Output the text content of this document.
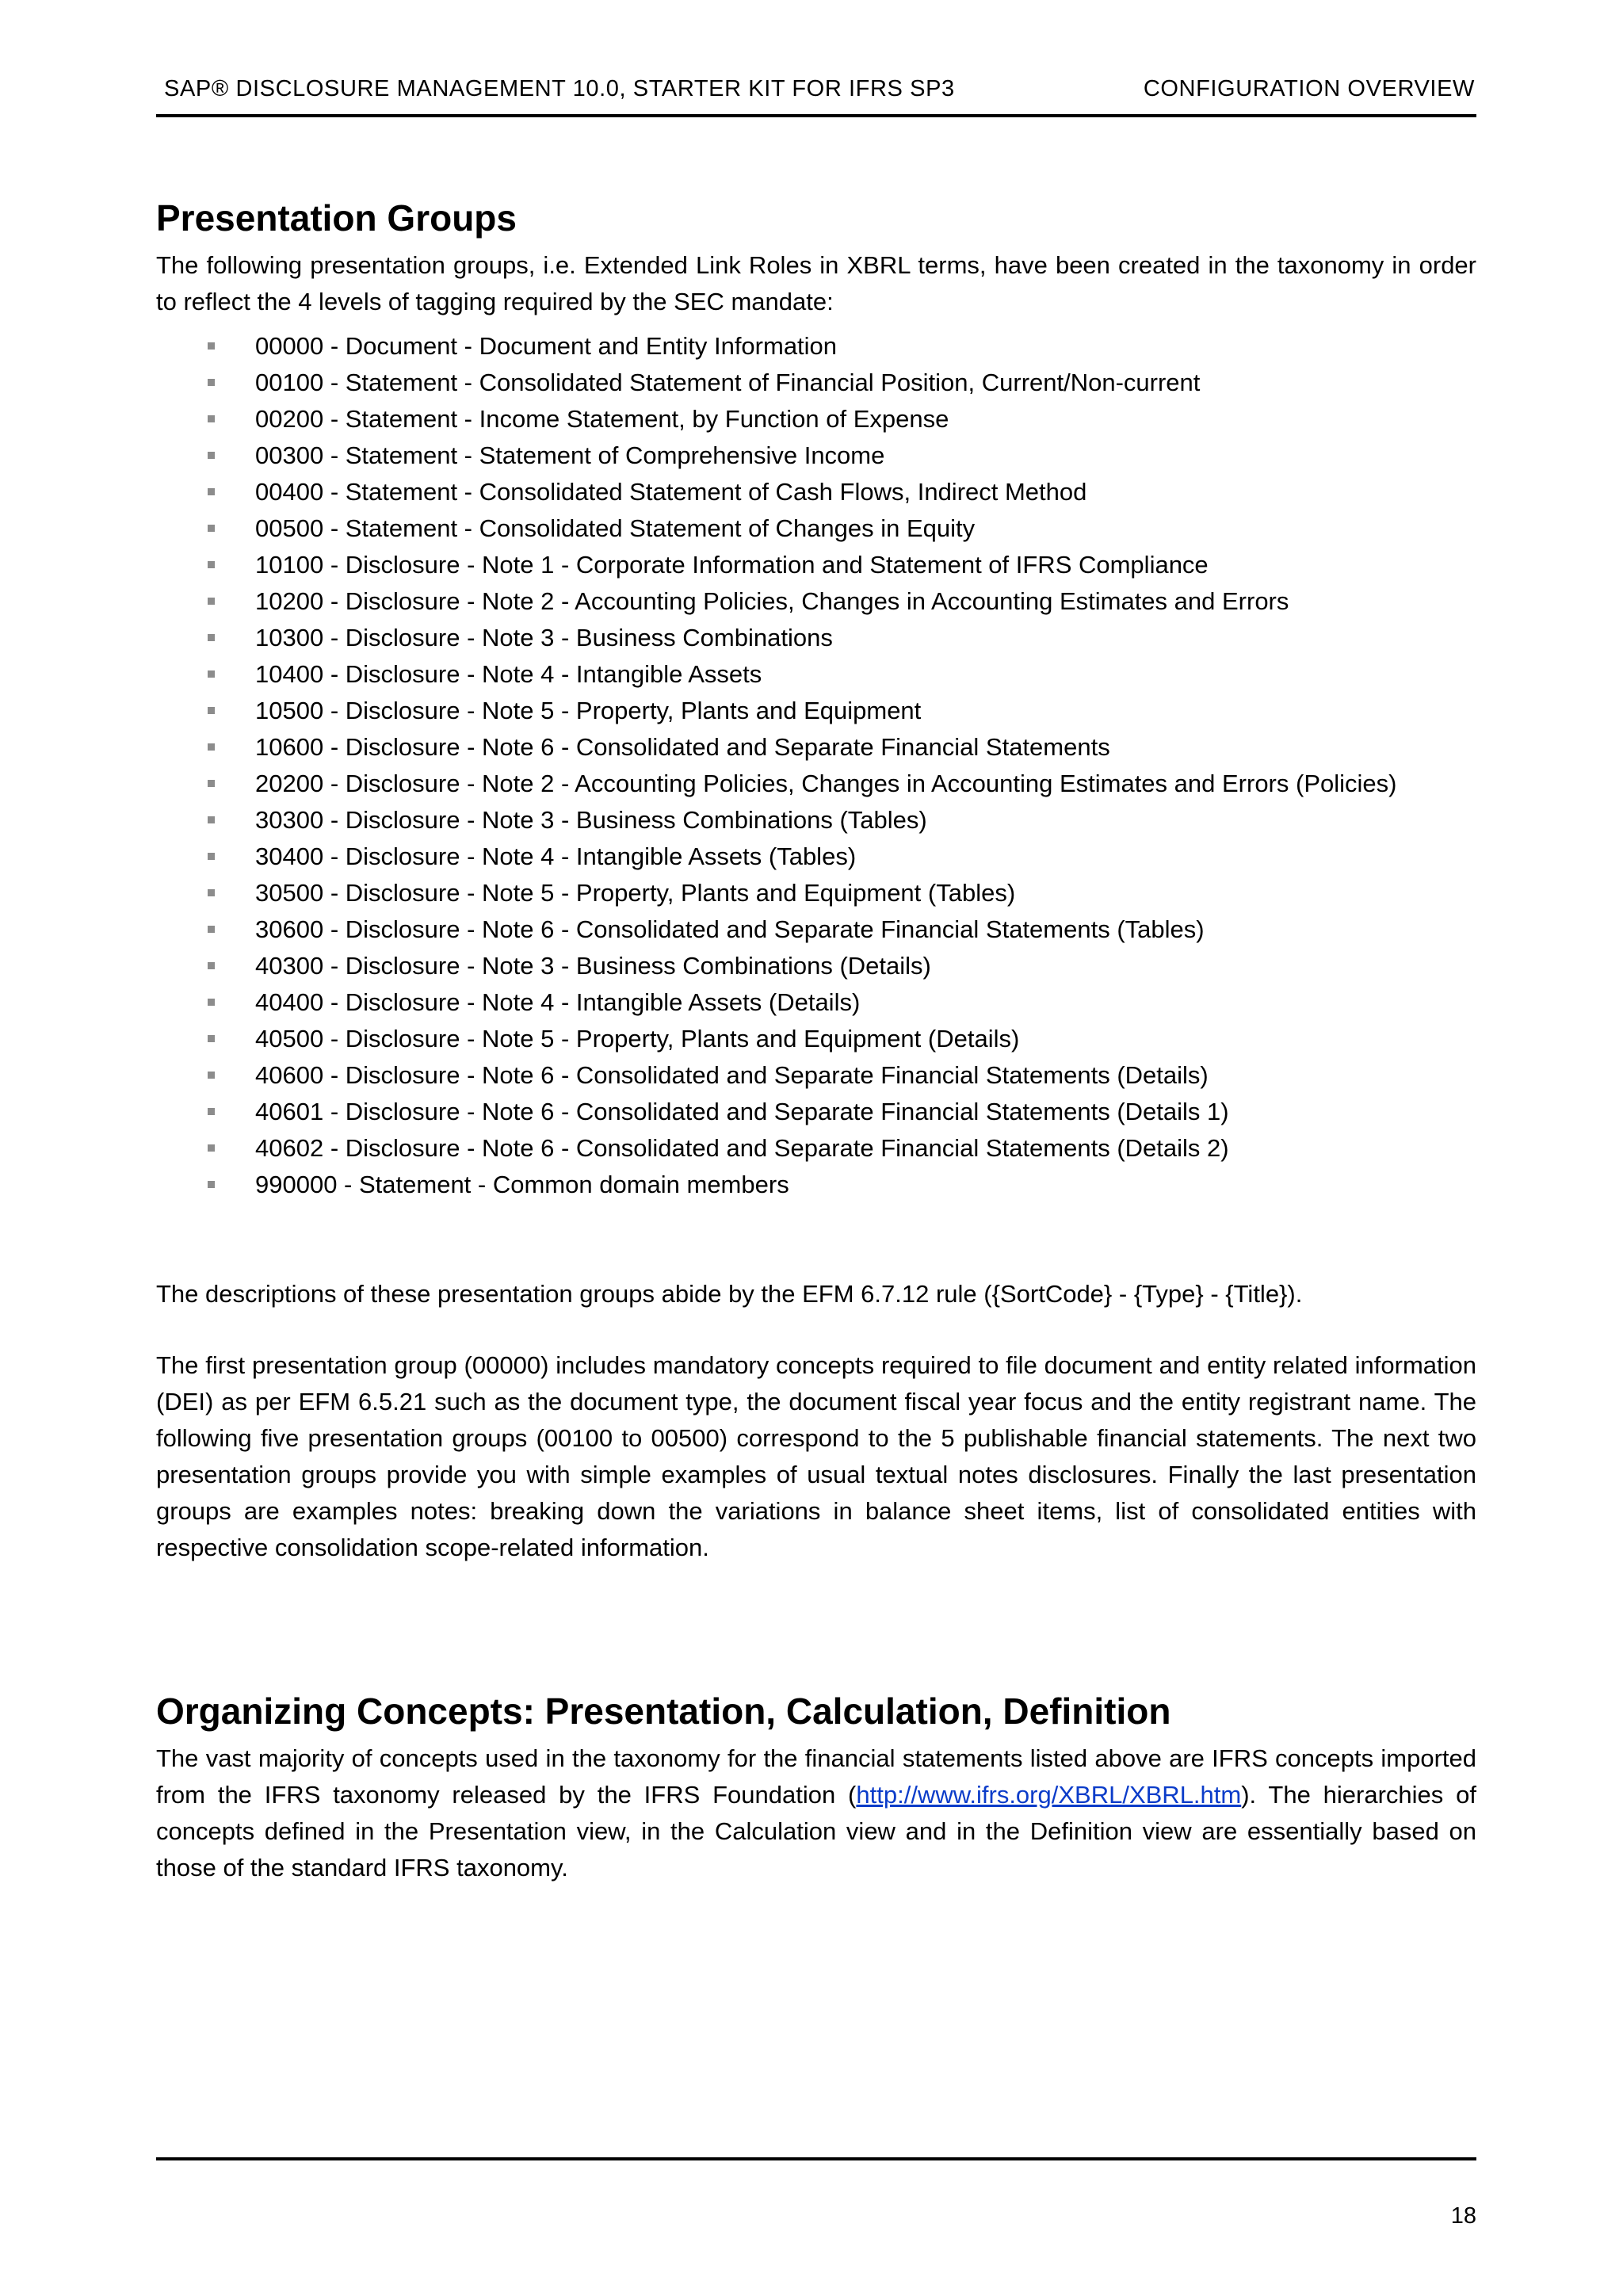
SAP® DISCLOSURE MANAGEMENT 10.0, STARTER KIT FOR IFRS SP3	CONFIGURATION OVERVIEW
Presentation Groups

The following presentation groups, i.e. Extended Link Roles in XBRL terms, have been created in the taxonomy in order to reflect the 4 levels of tagging required by the SEC mandate:

00000 - Document - Document and Entity Information
00100 - Statement - Consolidated Statement of Financial Position, Current/Non-current
00200 - Statement - Income Statement, by Function of Expense
00300 - Statement - Statement of Comprehensive Income
00400 - Statement - Consolidated Statement of Cash Flows, Indirect Method
00500 - Statement - Consolidated Statement of Changes in Equity
10100 - Disclosure - Note 1 - Corporate Information and Statement of IFRS Compliance
10200 - Disclosure - Note 2 - Accounting Policies, Changes in Accounting Estimates and Errors
10300 - Disclosure - Note 3 - Business Combinations
10400 - Disclosure - Note 4 - Intangible Assets
10500 - Disclosure - Note 5 - Property, Plants and Equipment
10600 - Disclosure - Note 6 - Consolidated and Separate Financial Statements
20200 - Disclosure - Note 2 - Accounting Policies, Changes in Accounting Estimates and Errors (Policies)
30300 - Disclosure - Note 3 - Business Combinations (Tables)
30400 - Disclosure - Note 4 - Intangible Assets (Tables)
30500 - Disclosure - Note 5 - Property, Plants and Equipment (Tables)
30600 - Disclosure - Note 6 - Consolidated and Separate Financial Statements (Tables)
40300 - Disclosure - Note 3 - Business Combinations (Details)
40400 - Disclosure - Note 4 - Intangible Assets (Details)
40500 - Disclosure - Note 5 - Property, Plants and Equipment (Details)
40600 - Disclosure - Note 6 - Consolidated and Separate Financial Statements (Details)
40601 - Disclosure - Note 6 - Consolidated and Separate Financial Statements (Details 1)
40602 - Disclosure - Note 6 - Consolidated and Separate Financial Statements (Details 2)
990000 - Statement - Common domain members

The descriptions of these presentation groups abide by the EFM 6.7.12 rule ({SortCode} - {Type} - {Title}).

The first presentation group (00000) includes mandatory concepts required to file document and entity related information (DEI) as per EFM 6.5.21 such as the document type, the document fiscal year focus and the entity registrant name. The following five presentation groups (00100 to 00500) correspond to the 5 publishable financial statements. The next two presentation groups provide you with simple examples of usual textual notes disclosures. Finally the last presentation groups are examples notes: breaking down the variations in balance sheet items, list of consolidated entities with respective consolidation scope-related information.

Organizing Concepts: Presentation, Calculation, Definition

The vast majority of concepts used in the taxonomy for the financial statements listed above are IFRS concepts imported from the IFRS taxonomy released by the IFRS Foundation (http://www.ifrs.org/XBRL/XBRL.htm). The hierarchies of concepts defined in the Presentation view, in the Calculation view and in the Definition view are essentially based on those of the standard IFRS taxonomy.

18
